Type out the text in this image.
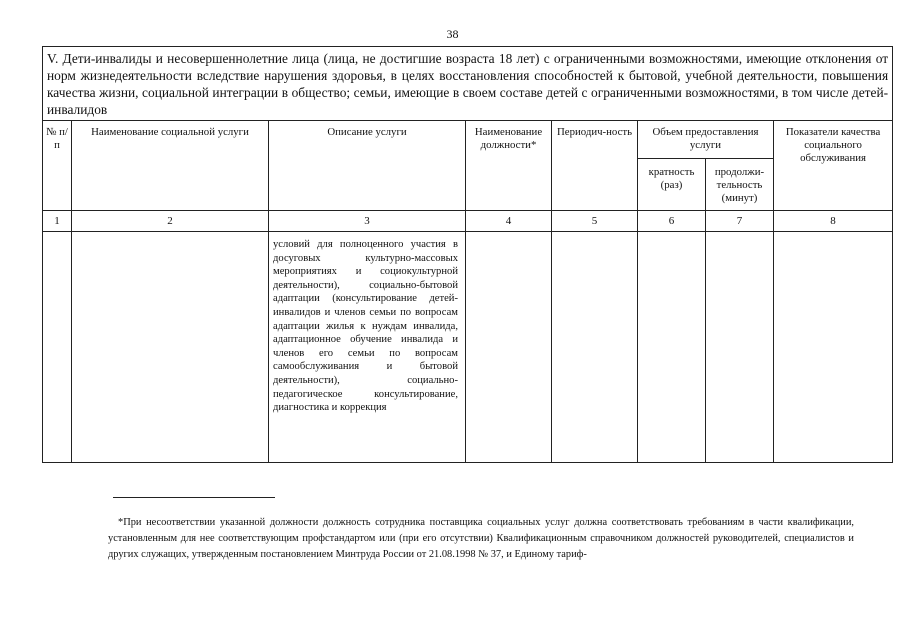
38
V. Дети-инвалиды и несовершеннолетние лица (лица, не достигшие возраста 18 лет) с ограниченными возможностями, имеющие отклонения от норм жизнедеятельности вследствие нарушения здоровья, в целях восстановления способностей к бытовой, учебной деятельности, повышения качества жизни, социальной интеграции в общество; семьи, имеющие в своем составе детей с ограниченными возможностями, в том числе детей-инвалидов							
№ п/п	Наименование социальной услуги	Описание услуги	Наименование должности*	Периодич-ность	Объем предоставления услуги		Показатели качества социального обслуживания
					кратность (раз)	продолжи-тельность (минут)	
1	2	3	4	5	6	7	8
		условий для полноценного участия в досуговых культурно-массовых мероприятиях и социокультурной деятельности), социально-бытовой адаптации (консультирование детей-инвалидов и членов семьи по вопросам адаптации жилья к нуждам инвалида, адаптационное обучение инвалида и членов его семьи по вопросам самообслуживания и бытовой деятельности), социально-педагогическое консультирование, диагностика и коррекция					
*При несоответствии указанной должности должность сотрудника поставщика социальных услуг должна соответствовать требованиям в части квалификации, установленным для нее соответствующим профстандартом или (при его отсутствии) Квалификационным справочником должностей руководителей, специалистов и других служащих, утвержденным постановлением Минтруда России от 21.08.1998 № 37, и Единому тариф-
